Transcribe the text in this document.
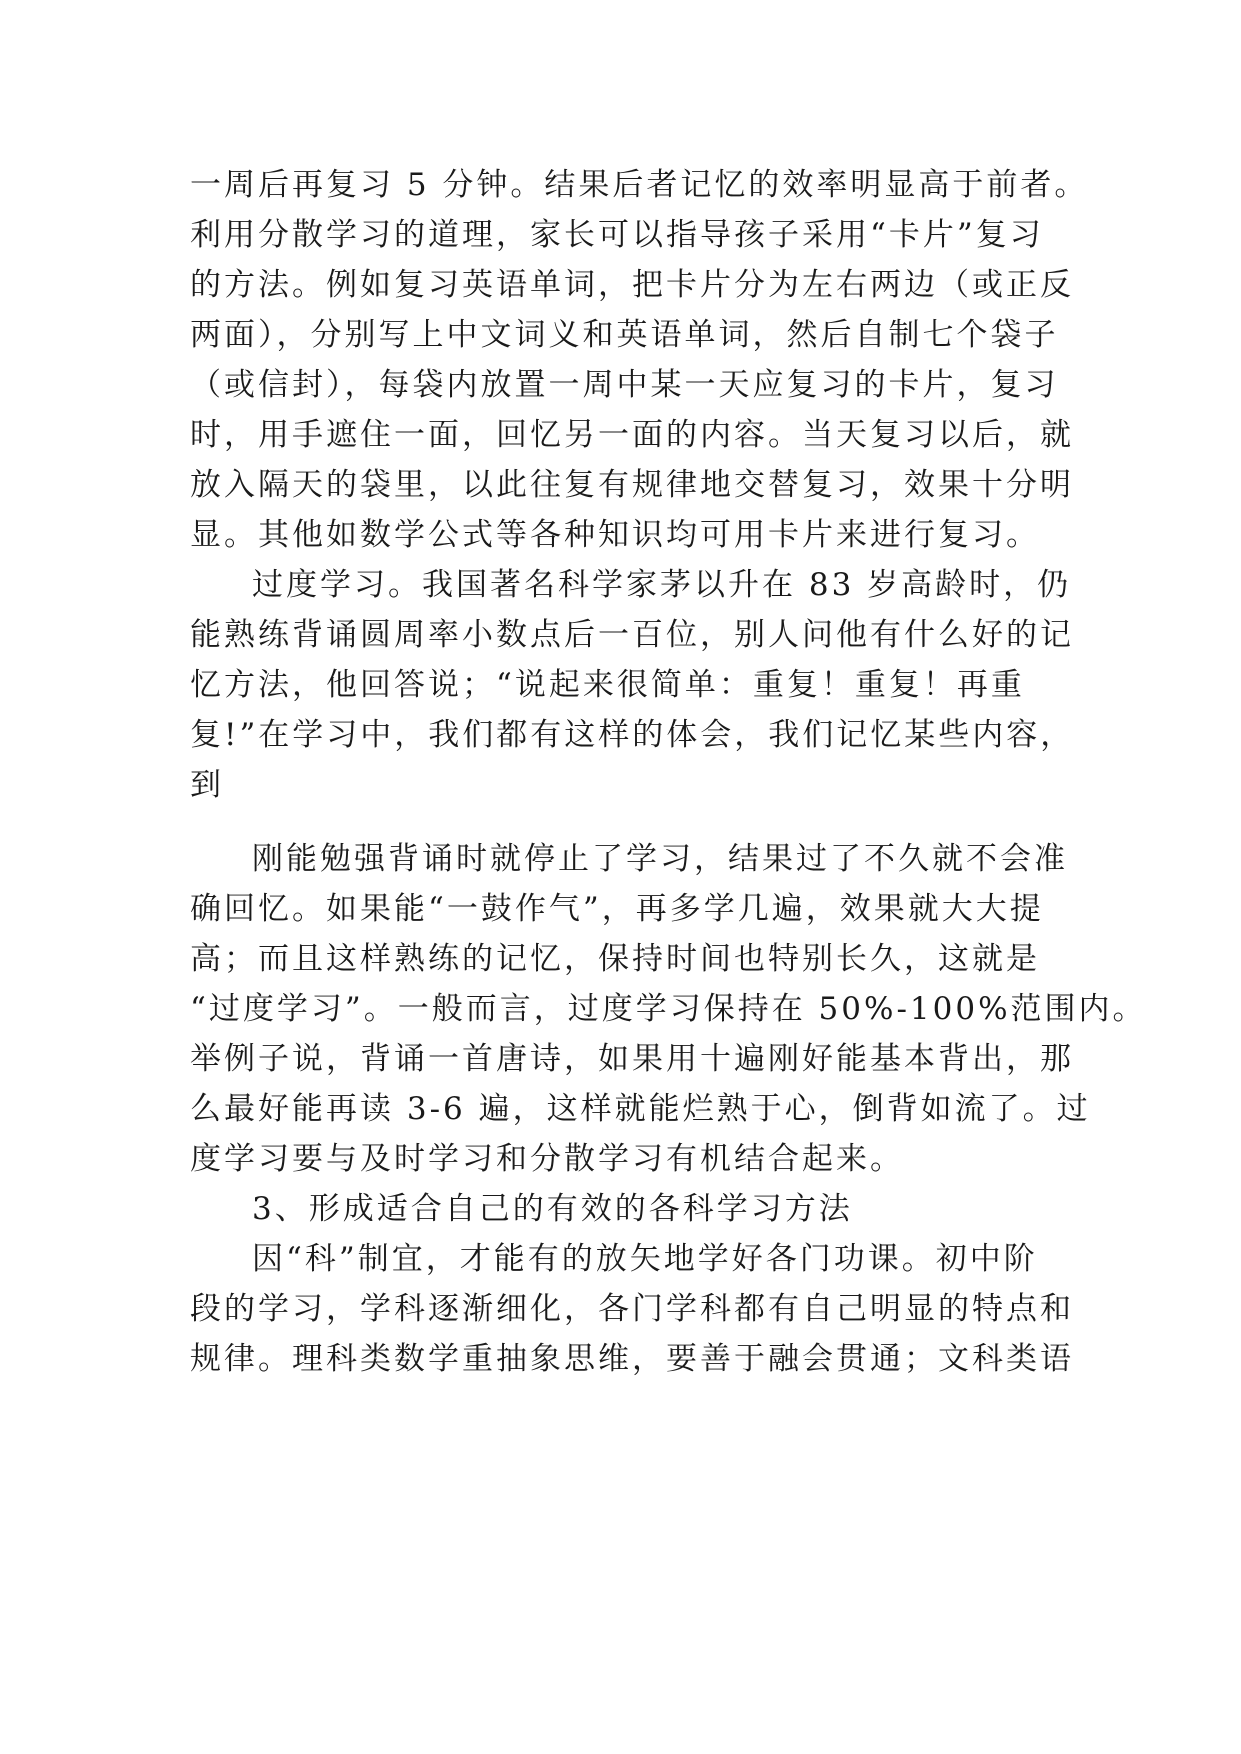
一周后再复习 5 分钟。结果后者记忆的效率明显高于前者。
利用分散学习的道理，家长可以指导孩子采用“卡片”复习
的方法。例如复习英语单词，把卡片分为左右两边（或正反
两面），分别写上中文词义和英语单词，然后自制七个袋子
（或信封），每袋内放置一周中某一天应复习的卡片，复习
时，用手遮住一面，回忆另一面的内容。当天复习以后，就
放入隔天的袋里，以此往复有规律地交替复习，效果十分明
显。其他如数学公式等各种知识均可用卡片来进行复习。
过度学习。我国著名科学家茅以升在 83 岁高龄时，仍
能熟练背诵圆周率小数点后一百位，别人问他有什么好的记
忆方法，他回答说；“说起来很简单：重复！重复！再重
复!”在学习中，我们都有这样的体会，我们记忆某些内容，
到
刚能勉强背诵时就停止了学习，结果过了不久就不会准
确回忆。如果能“一鼓作气”，再多学几遍，效果就大大提
高；而且这样熟练的记忆，保持时间也特别长久，这就是
“过度学习”。一般而言，过度学习保持在 50%-100%范围内。
举例子说，背诵一首唐诗，如果用十遍刚好能基本背出，那
么最好能再读 3-6 遍，这样就能烂熟于心，倒背如流了。过
度学习要与及时学习和分散学习有机结合起来。
3、形成适合自己的有效的各科学习方法
因“科”制宜，才能有的放矢地学好各门功课。初中阶
段的学习，学科逐渐细化，各门学科都有自己明显的特点和
规律。理科类数学重抽象思维，要善于融会贯通；文科类语
